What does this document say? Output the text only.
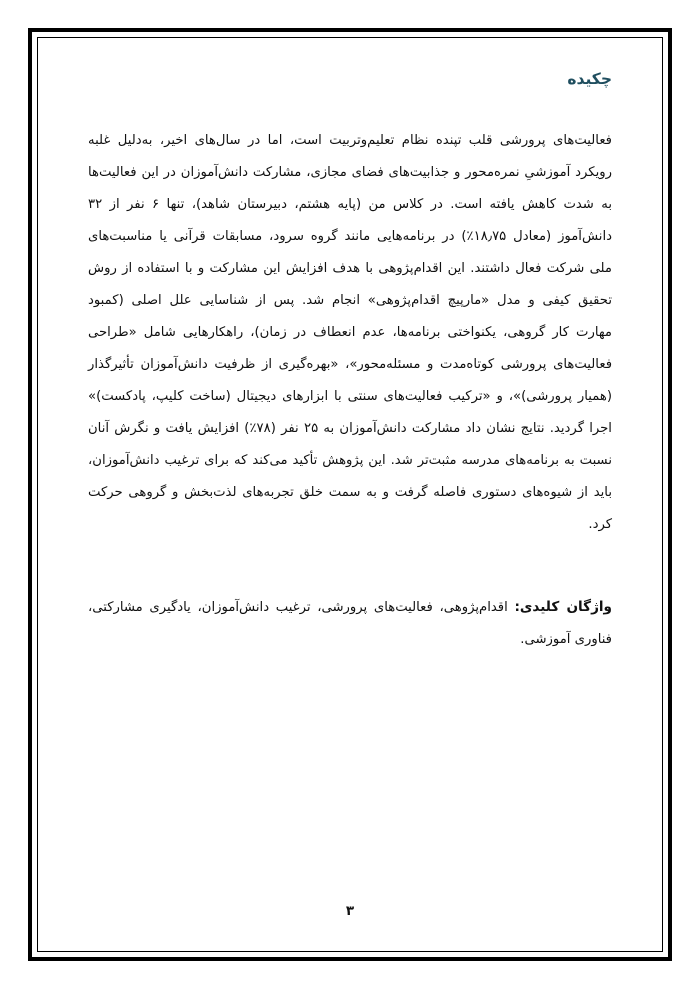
چکیده

فعالیت‌های پرورشی قلب تپنده نظام تعلیم‌وتربیت است، اما در سال‌های اخیر، به‌دلیل غلبه رویکرد آموزشیِ نمره‌محور و جذابیت‌های فضای مجازی، مشارکت دانش‌آموزان در این فعالیت‌ها به شدت کاهش یافته است. در کلاس من (پایه هشتم، دبیرستان شاهد)، تنها ۶ نفر از ۳۲ دانش‌آموز (معادل ۱۸٫۷۵٪) در برنامه‌هایی مانند گروه سرود، مسابقات قرآنی یا مناسبت‌های ملی شرکت فعال داشتند. این اقدام‌پژوهی با هدف افزایش این مشارکت و با استفاده از روش تحقیق کیفی و مدل «مارپیچ اقدام‌پژوهی» انجام شد. پس از شناسایی علل اصلی (کمبود مهارت کار گروهی، یکنواختی برنامه‌ها، عدم انعطاف در زمان)، راهکارهایی شامل «طراحی فعالیت‌های پرورشی کوتاه‌مدت و مسئله‌محور»، «بهره‌گیری از ظرفیت دانش‌آموزان تأثیرگذار (همیار پرورشی)»، و «ترکیب فعالیت‌های سنتی با ابزارهای دیجیتال (ساخت کلیپ، پادکست)» اجرا گردید. نتایج نشان داد مشارکت دانش‌آموزان به ۲۵ نفر (۷۸٪) افزایش یافت و نگرش آنان نسبت به برنامه‌های مدرسه مثبت‌تر شد. این پژوهش تأکید می‌کند که برای ترغیب دانش‌آموزان، باید از شیوه‌های دستوری فاصله گرفت و به سمت خلق تجربه‌های لذت‌بخش و گروهی حرکت کرد.

واژگان کلیدی: اقدام‌پژوهی، فعالیت‌های پرورشی، ترغیب دانش‌آموزان، یادگیری مشارکتی، فناوری آموزشی.

۳
